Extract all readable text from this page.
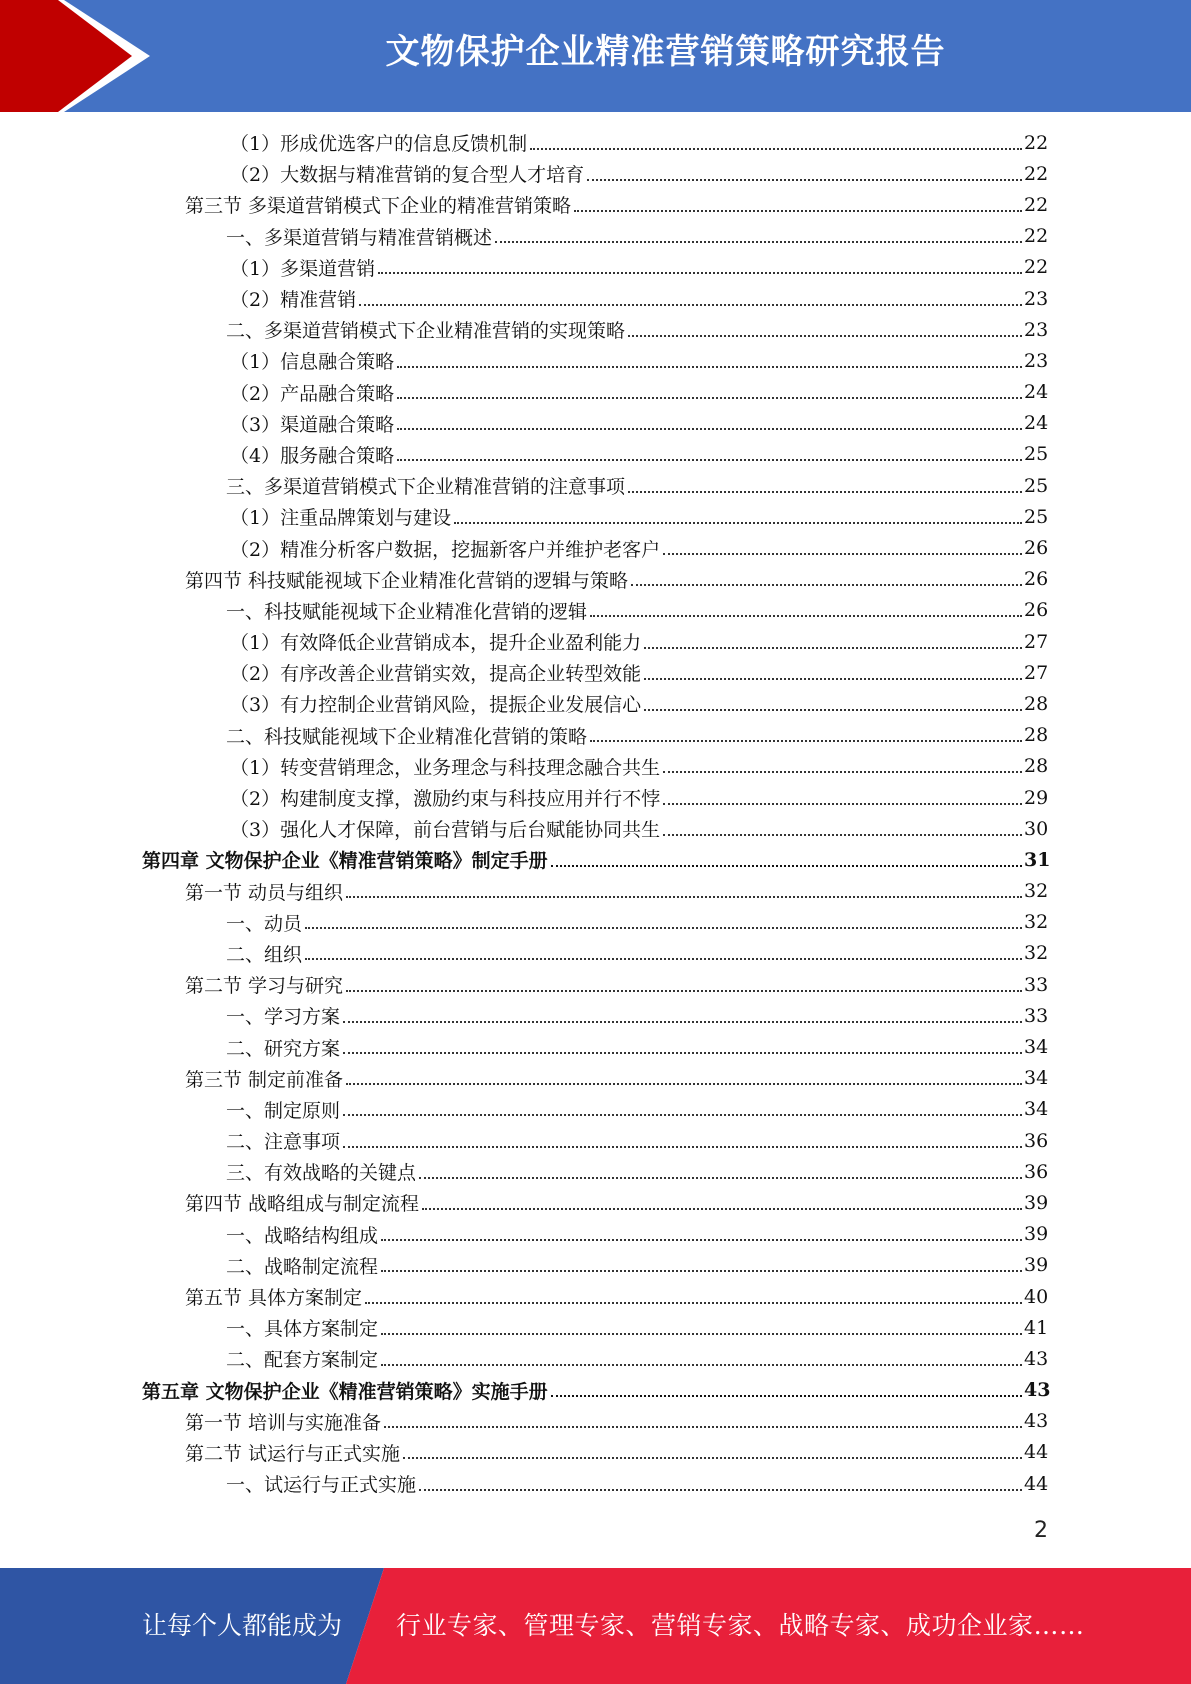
文物保护企业精准营销策略研究报告
（1）形成优选客户的信息反馈机制	22
（2）大数据与精准营销的复合型人才培育	22
第三节 多渠道营销模式下企业的精准营销策略	22
一、多渠道营销与精准营销概述	22
（1）多渠道营销	22
（2）精准营销	23
二、多渠道营销模式下企业精准营销的实现策略	23
（1）信息融合策略	23
（2）产品融合策略	24
（3）渠道融合策略	24
（4）服务融合策略	25
三、多渠道营销模式下企业精准营销的注意事项	25
（1）注重品牌策划与建设	25
（2）精准分析客户数据，挖掘新客户并维护老客户	26
第四节 科技赋能视域下企业精准化营销的逻辑与策略	26
一、科技赋能视域下企业精准化营销的逻辑	26
（1）有效降低企业营销成本，提升企业盈利能力	27
（2）有序改善企业营销实效，提高企业转型效能	27
（3）有力控制企业营销风险，提振企业发展信心	28
二、科技赋能视域下企业精准化营销的策略	28
（1）转变营销理念，业务理念与科技理念融合共生	28
（2）构建制度支撑，激励约束与科技应用并行不悖	29
（3）强化人才保障，前台营销与后台赋能协同共生	30
第四章 文物保护企业《精准营销策略》制定手册	31
第一节 动员与组织	32
一、动员	32
二、组织	32
第二节 学习与研究	33
一、学习方案	33
二、研究方案	34
第三节 制定前准备	34
一、制定原则	34
二、注意事项	36
三、有效战略的关键点	36
第四节 战略组成与制定流程	39
一、战略结构组成	39
二、战略制定流程	39
第五节 具体方案制定	40
一、具体方案制定	41
二、配套方案制定	43
第五章 文物保护企业《精准营销策略》实施手册	43
第一节 培训与实施准备	43
第二节 试运行与正式实施	44
一、试运行与正式实施	44
2
让每个人都能成为 行业专家、管理专家、营销专家、战略专家、成功企业家……
